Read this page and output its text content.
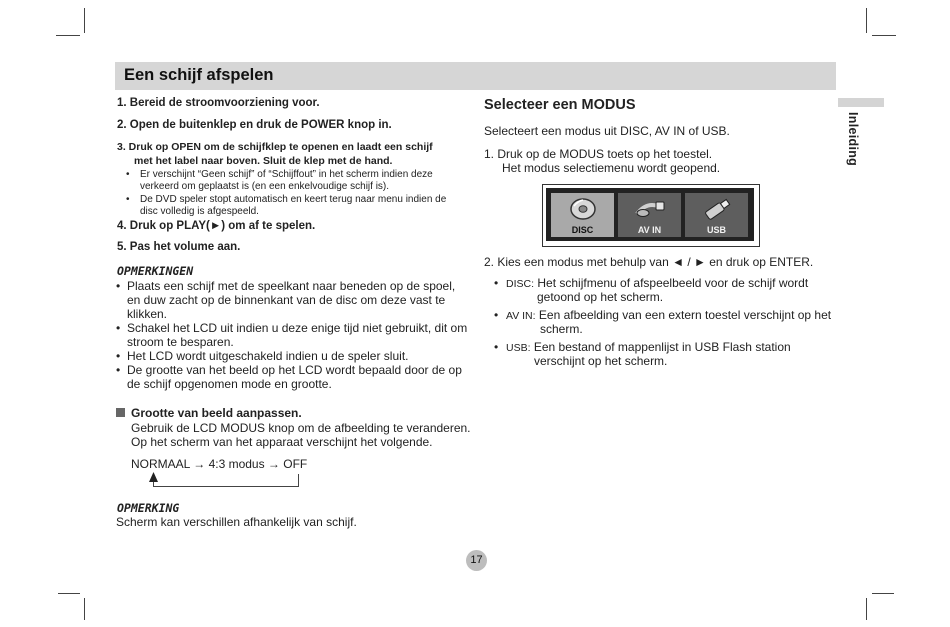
Een schijf afspelen
Inleiding
1. Bereid de stroomvoorziening voor.
2. Open de buitenklep en druk de POWER knop in.
3. Druk op OPEN om de schijfklep te openen en laadt een schijf
met het label naar boven. Sluit de klep met de hand.
• Er verschijnt “Geen schijf” of “Schijffout” in het scherm indien deze
verkeerd om geplaatst is (en een enkelvoudige schijf is).
• De DVD speler stopt automatisch en keert terug naar menu indien de
disc volledig is afgespeeld.
4. Druk op PLAY(►) om af te spelen.
5. Pas het volume aan.
OPMERKINGEN
• Plaats een schijf met de speelkant naar beneden op de spoel,
en duw zacht op de binnenkant van de disc om deze vast te
klikken.
• Schakel het LCD uit indien u deze enige tijd niet gebruikt, dit om
stroom te besparen.
• Het LCD wordt uitgeschakeld indien u de speler sluit.
• De grootte van het beeld op het LCD wordt bepaald door de op
de schijf opgenomen mode en grootte.
Grootte van beeld aanpassen.
Gebruik de LCD MODUS knop om de afbeelding te veranderen.
Op het scherm van het apparaat verschijnt het volgende.
NORMAAL → 4:3 modus → OFF
OPMERKING
Scherm kan verschillen afhankelijk van schijf.
Selecteer een MODUS
Selecteert een modus uit DISC, AV IN of USB.
1. Druk op de MODUS toets op het toestel.
Het modus selectiemenu wordt geopend.
DISC	AV IN	USB
2. Kies een modus met behulp van ◄ / ► en druk op ENTER.
• DISC: Het schijfmenu of afspeelbeeld voor de schijf wordt
getoond op het scherm.
• AV IN: Een afbeelding van een extern toestel verschijnt op het
scherm.
• USB: Een bestand of mappenlijst in USB Flash station
verschijnt op het scherm.
17
